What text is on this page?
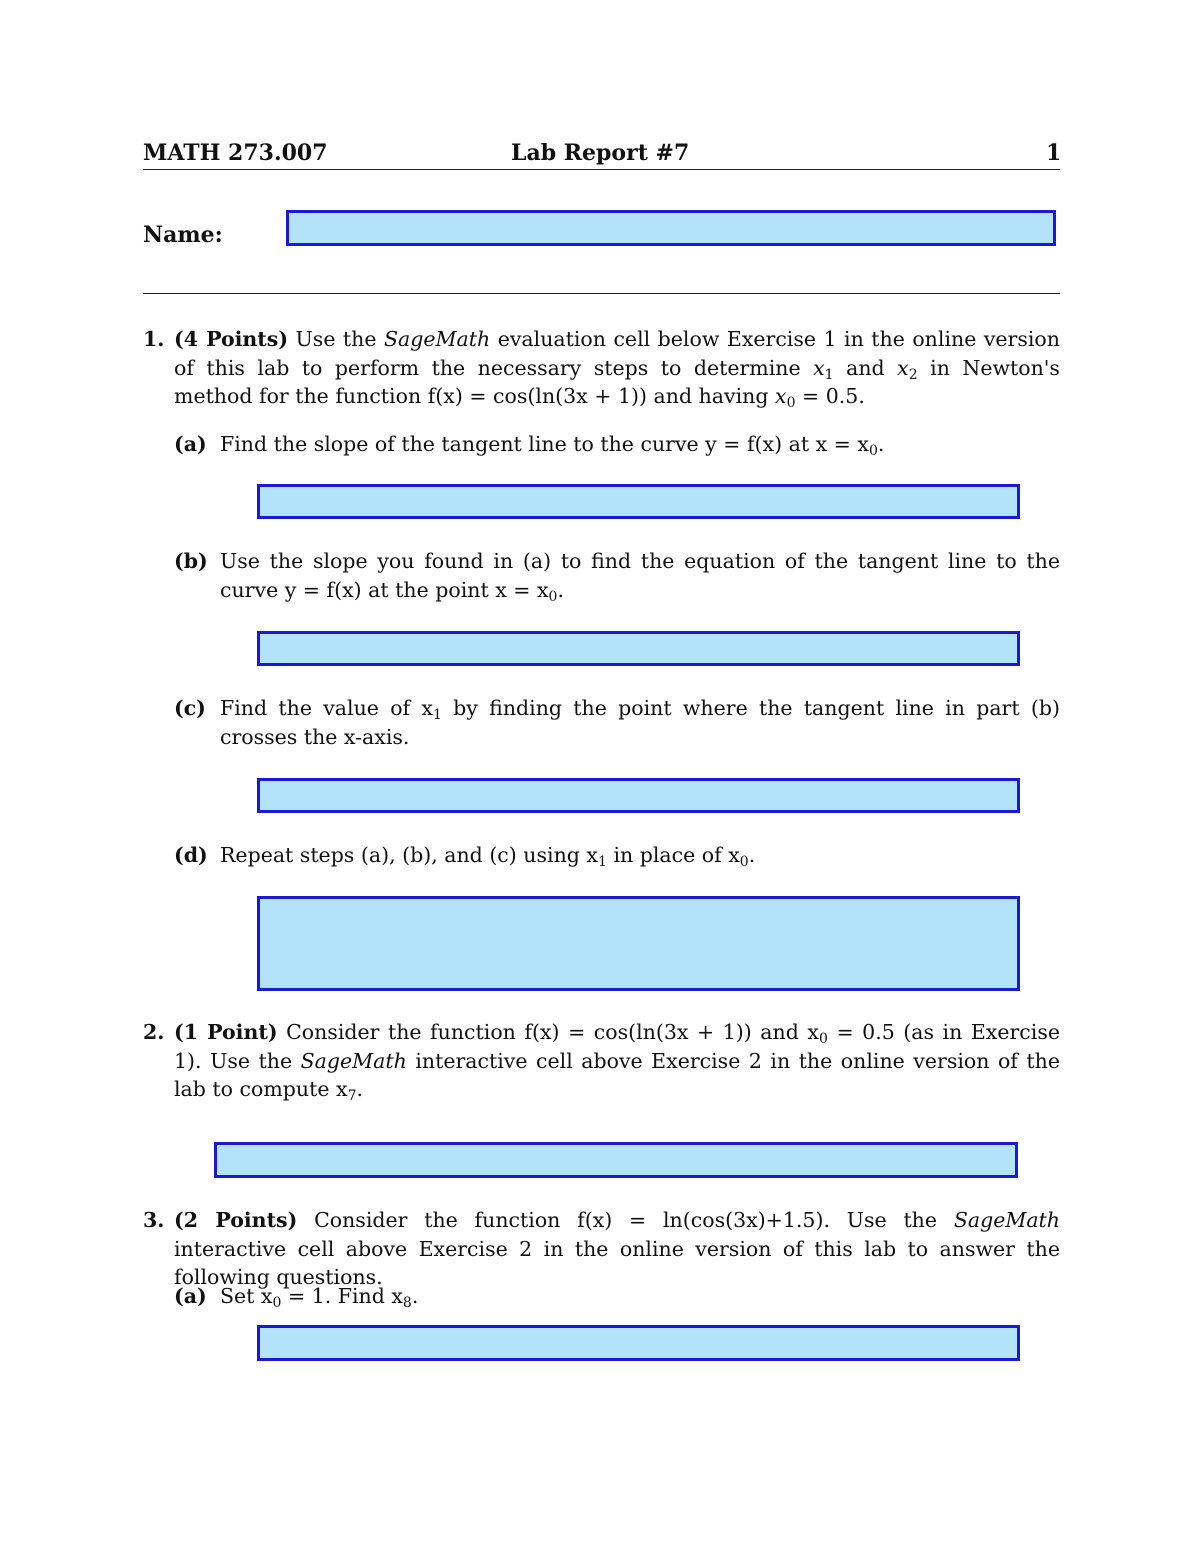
MATH 273.007	Lab Report #7	1
Name:
1. (4 Points) Use the SageMath evaluation cell below Exercise 1 in the online version of this lab to perform the necessary steps to determine $x_1$ and $x_2$ in Newton's method for the function f(x) = cos(ln(3x + 1)) and having $x_0 = 0.5$.
(a) Find the slope of the tangent line to the curve y = f(x) at $x = x_0$.
(b) Use the slope you found in (a) to find the equation of the tangent line to the curve y = f(x) at the point $x = x_0$.
(c) Find the value of $x_1$ by finding the point where the tangent line in part (b) crosses the x-axis.
(d) Repeat steps (a), (b), and (c) using $x_1$ in place of $x_0$.
2. (1 Point) Consider the function f(x) = cos(ln(3x + 1)) and $x_0 = 0.5$ (as in Exercise 1). Use the SageMath interactive cell above Exercise 2 in the online version of the lab to compute $x_7$.
3. (2 Points) Consider the function f(x) = ln(cos(3x)+1.5). Use the SageMath interactive cell above Exercise 2 in the online version of this lab to answer the following questions.
(a) Set $x_0 = 1$. Find $x_8$.
